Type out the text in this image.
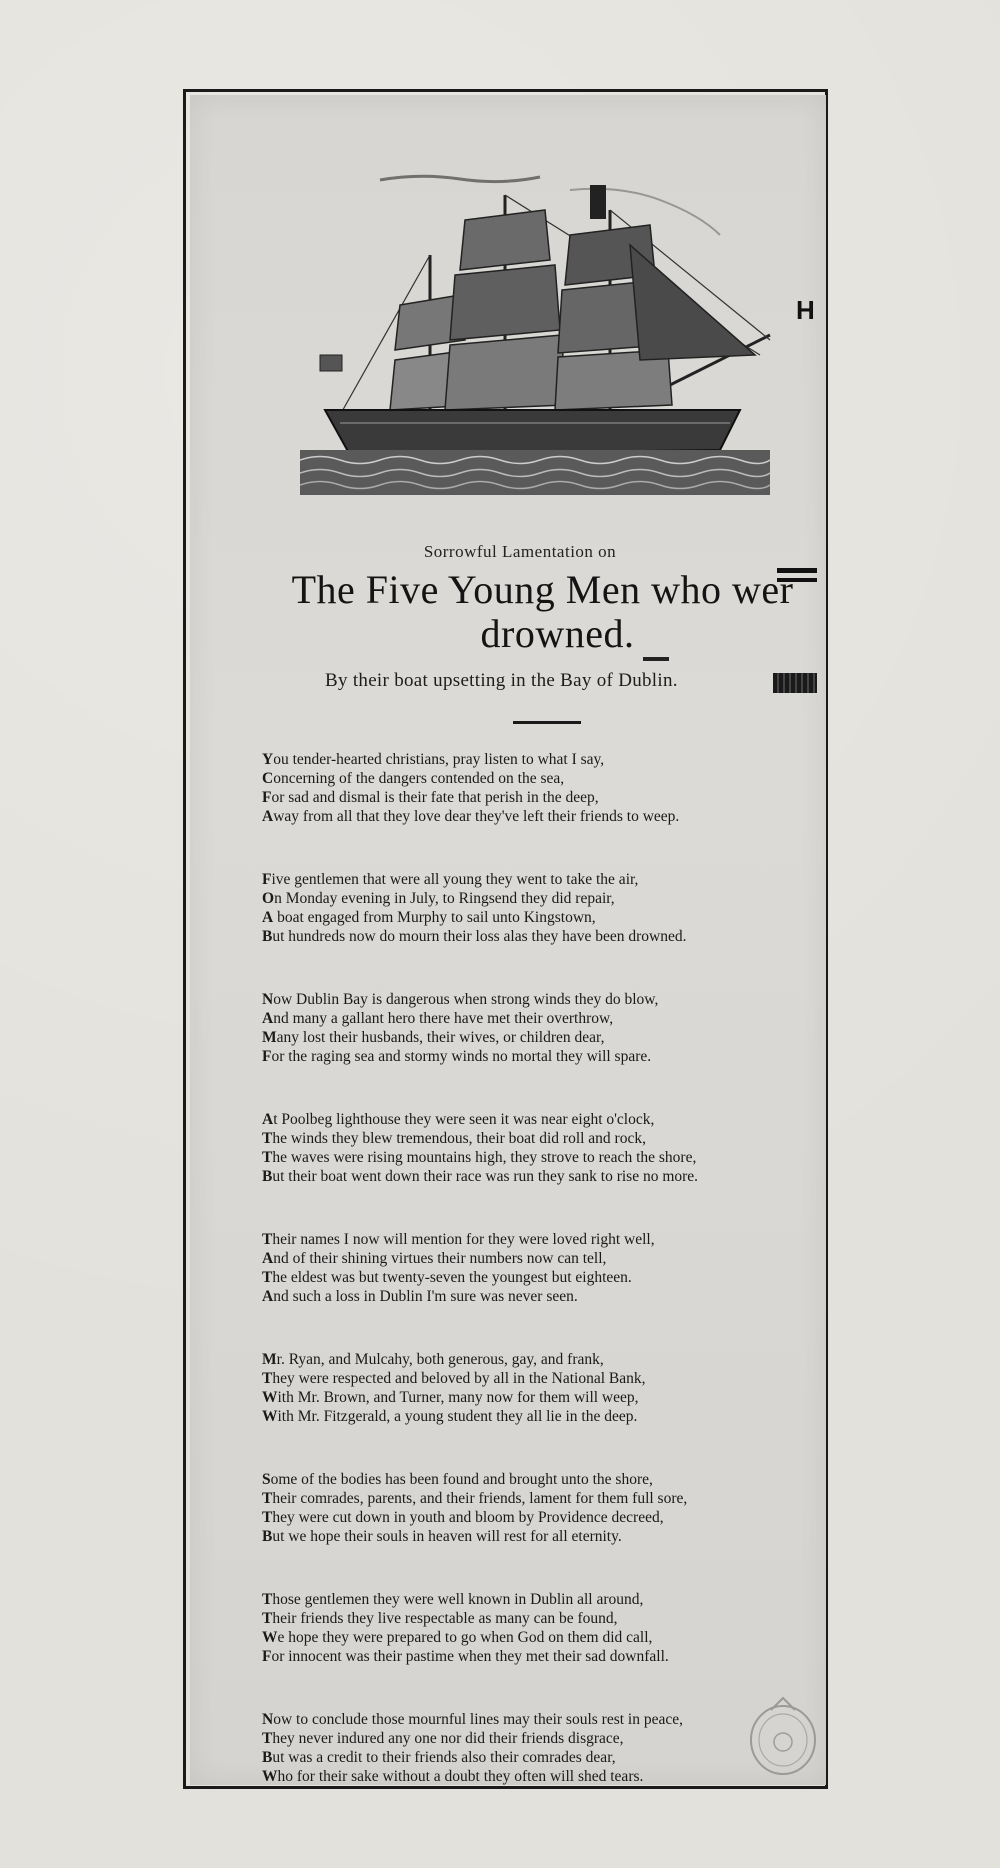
H
Sorrowful Lamentation on
The Five Young Men who wer
drowned.
By their boat upsetting in the Bay of Dublin.
You tender-hearted christians, pray listen to what I say,
Concerning of the dangers contended on the sea,
For sad and dismal is their fate that perish in the deep,
Away from all that they love dear they've left their friends to weep.
Five gentlemen that were all young they went to take the air,
On Monday evening in July, to Ringsend they did repair,
A boat engaged from Murphy to sail unto Kingstown,
But hundreds now do mourn their loss alas they have been drowned.
Now Dublin Bay is dangerous when strong winds they do blow,
And many a gallant hero there have met their overthrow,
Many lost their husbands, their wives, or children dear,
For the raging sea and stormy winds no mortal they will spare.
At Poolbeg lighthouse they were seen it was near eight o'clock,
The winds they blew tremendous, their boat did roll and rock,
The waves were rising mountains high, they strove to reach the shore,
But their boat went down their race was run they sank to rise no more.
Their names I now will mention for they were loved right well,
And of their shining virtues their numbers now can tell,
The eldest was but twenty-seven the youngest but eighteen.
And such a loss in Dublin I'm sure was never seen.
Mr. Ryan, and Mulcahy, both generous, gay, and frank,
They were respected and beloved by all in the National Bank,
With Mr. Brown, and Turner, many now for them will weep,
With Mr. Fitzgerald, a young student they all lie in the deep.
Some of the bodies has been found and brought unto the shore,
Their comrades, parents, and their friends, lament for them full sore,
They were cut down in youth and bloom by Providence decreed,
But we hope their souls in heaven will rest for all eternity.
Those gentlemen they were well known in Dublin all around,
Their friends they live respectable as many can be found,
We hope they were prepared to go when God on them did call,
For innocent was their pastime when they met their sad downfall.
Now to conclude those mournful lines may their souls rest in peace,
They never indured any one nor did their friends disgrace,
But was a credit to their friends also their comrades dear,
Who for their sake without a doubt they often will shed tears.
